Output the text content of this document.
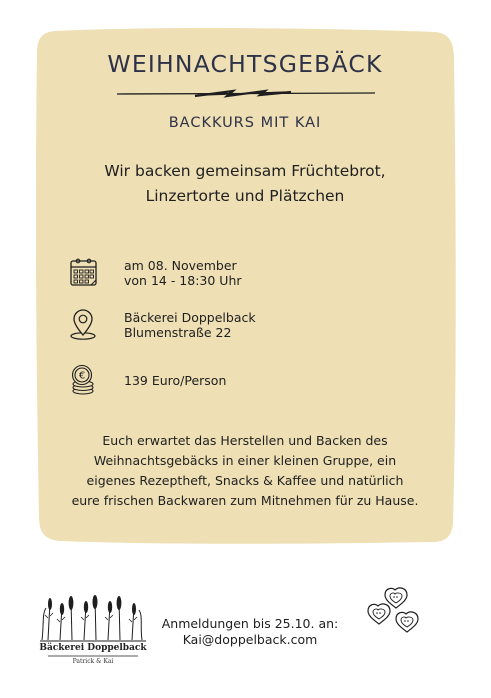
WEIHNACHTSGEBÄCK
BACKKURS MIT KAI
Wir backen gemeinsam Früchtebrot,
Linzertorte und Plätzchen
am 08. November
von 14 - 18:30 Uhr
Bäckerei Doppelback
Blumenstraße 22
€	139 Euro/Person
Euch erwartet das Herstellen und Backen des
Weihnachtsgebäcks in einer kleinen Gruppe, ein
eigenes Rezeptheft, Snacks & Kaffee und natürlich
eure frischen Backwaren zum Mitnehmen für zu Hause.
Bäckerei Doppelback
Patrick & Kai
Anmeldungen bis 25.10. an:
Kai@doppelback.com
